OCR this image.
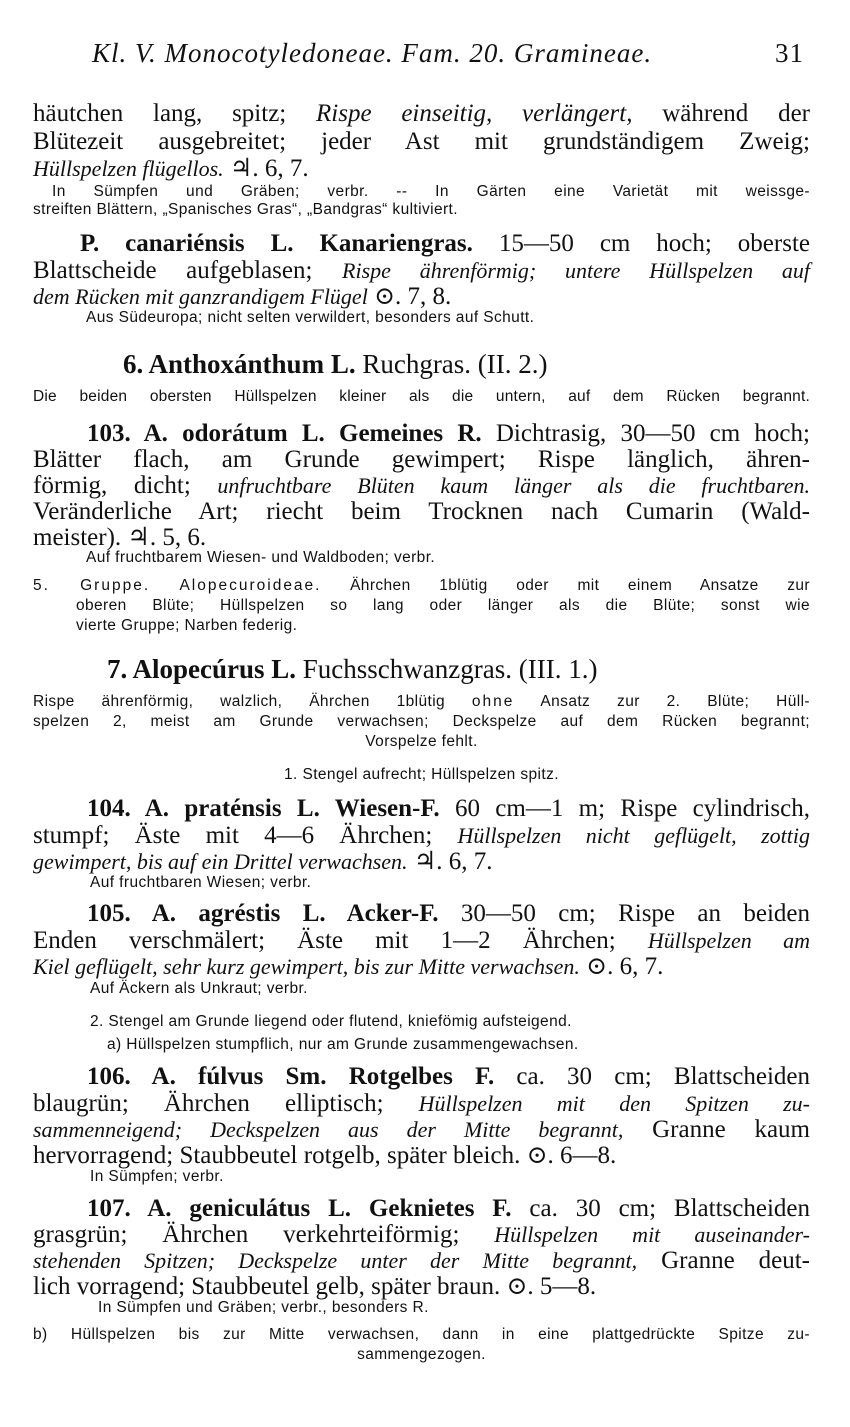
Kl. V. Monocotyledoneae. Fam. 20. Gramineae.	31
häutchen lang, spitz; Rispe einseitig, verlängert, während der
Blütezeit ausgebreitet; jeder Ast mit grundständigem Zweig;
Hüllspelzen flügellos. ♃. 6, 7.
In Sümpfen und Gräben; verbr. -- In Gärten eine Varietät mit weissge-
streiften Blättern, „Spanisches Gras“, „Bandgras“ kultiviert.
P. canariénsis L. Kanariengras. 15—50 cm hoch; oberste
Blattscheide aufgeblasen; Rispe ährenförmig; untere Hüllspelzen auf
dem Rücken mit ganzrandigem Flügel ⊙. 7, 8.
Aus Südeuropa; nicht selten verwildert, besonders auf Schutt.
6. Anthoxánthum L. Ruchgras. (II. 2.)
Die beiden obersten Hüllspelzen kleiner als die untern, auf dem Rücken begrannt.
103. A. odorátum L. Gemeines R. Dichtrasig, 30—50 cm hoch;
Blätter flach, am Grunde gewimpert; Rispe länglich, ähren-
förmig, dicht; unfruchtbare Blüten kaum länger als die fruchtbaren.
Veränderliche Art; riecht beim Trocknen nach Cumarin (Wald-
meister). ♃. 5, 6.
Auf fruchtbarem Wiesen- und Waldboden; verbr.
5. Gruppe. Alopecuroideae. Ährchen 1blütig oder mit einem Ansatze zur
oberen Blüte; Hüllspelzen so lang oder länger als die Blüte; sonst wie
vierte Gruppe; Narben federig.
7. Alopecúrus L. Fuchsschwanzgras. (III. 1.)
Rispe ährenförmig, walzlich, Ährchen 1blütig ohne Ansatz zur 2. Blüte; Hüll-
spelzen 2, meist am Grunde verwachsen; Deckspelze auf dem Rücken begrannt;
Vorspelze fehlt.
1. Stengel aufrecht; Hüllspelzen spitz.
104. A. praténsis L. Wiesen-F. 60 cm—1 m; Rispe cylindrisch,
stumpf; Äste mit 4—6 Ährchen; Hüllspelzen nicht geflügelt, zottig
gewimpert, bis auf ein Drittel verwachsen. ♃. 6, 7.
Auf fruchtbaren Wiesen; verbr.
105. A. agréstis L. Acker-F. 30—50 cm; Rispe an beiden
Enden verschmälert; Äste mit 1—2 Ährchen; Hüllspelzen am
Kiel geflügelt, sehr kurz gewimpert, bis zur Mitte verwachsen. ⊙. 6, 7.
Auf Äckern als Unkraut; verbr.
2. Stengel am Grunde liegend oder flutend, kniefömig aufsteigend.
a) Hüllspelzen stumpflich, nur am Grunde zusammengewachsen.
106. A. fúlvus Sm. Rotgelbes F. ca. 30 cm; Blattscheiden
blaugrün; Ährchen elliptisch; Hüllspelzen mit den Spitzen zu-
sammenneigend; Deckspelzen aus der Mitte begrannt, Granne kaum
hervorragend; Staubbeutel rotgelb, später bleich. ⊙. 6—8.
In Sümpfen; verbr.
107. A. geniculátus L. Geknietes F. ca. 30 cm; Blattscheiden
grasgrün; Ährchen verkehrteiförmig; Hüllspelzen mit auseinander-
stehenden Spitzen; Deckspelze unter der Mitte begrannt, Granne deut-
lich vorragend; Staubbeutel gelb, später braun. ⊙. 5—8.
In Sümpfen und Gräben; verbr., besonders R.
b) Hüllspelzen bis zur Mitte verwachsen, dann in eine plattgedrückte Spitze zu-
sammengezogen.
